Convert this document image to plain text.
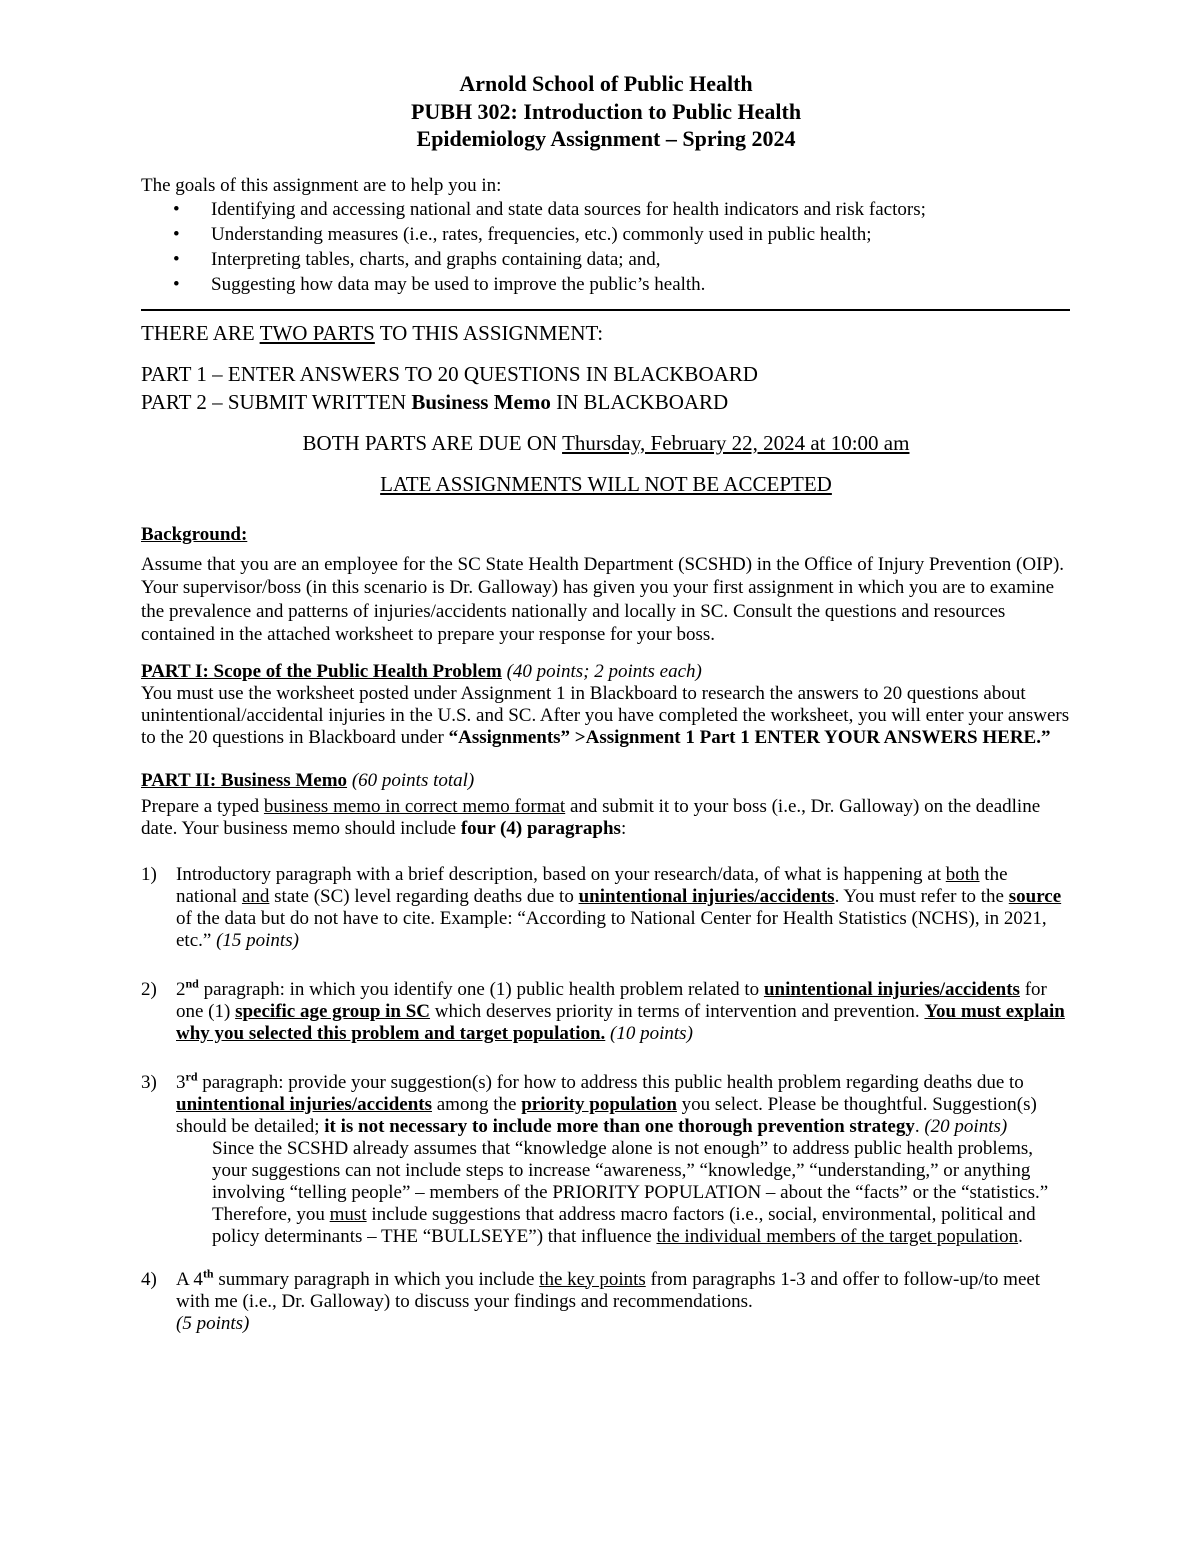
Arnold School of Public Health
PUBH 302: Introduction to Public Health
Epidemiology Assignment – Spring 2024

The goals of this assignment are to help you in:

• Identifying and accessing national and state data sources for health indicators and risk factors;
• Understanding measures (i.e., rates, frequencies, etc.) commonly used in public health;
• Interpreting tables, charts, and graphs containing data; and,
• Suggesting how data may be used to improve the public’s health.

THERE ARE TWO PARTS TO THIS ASSIGNMENT:

PART 1 – ENTER ANSWERS TO 20 QUESTIONS IN BLACKBOARD

PART 2 – SUBMIT WRITTEN Business Memo IN BLACKBOARD

BOTH PARTS ARE DUE ON Thursday, February 22, 2024 at 10:00 am

LATE ASSIGNMENTS WILL NOT BE ACCEPTED

Background:

Assume that you are an employee for the SC State Health Department (SCSHD) in the Office of Injury Prevention (OIP). Your supervisor/boss (in this scenario is Dr. Galloway) has given you your first assignment in which you are to examine the prevalence and patterns of injuries/accidents nationally and locally in SC. Consult the questions and resources contained in the attached worksheet to prepare your response for your boss.

PART I: Scope of the Public Health Problem (40 points; 2 points each)

You must use the worksheet posted under Assignment 1 in Blackboard to research the answers to 20 questions about unintentional/accidental injuries in the U.S. and SC. After you have completed the worksheet, you will enter your answers to the 20 questions in Blackboard under “Assignments” >Assignment 1 Part 1 ENTER YOUR ANSWERS HERE.”

PART II: Business Memo (60 points total)

Prepare a typed business memo in correct memo format and submit it to your boss (i.e., Dr. Galloway) on the deadline date. Your business memo should include four (4) paragraphs:

1) Introductory paragraph with a brief description, based on your research/data, of what is happening at both the national and state (SC) level regarding deaths due to unintentional injuries/accidents. You must refer to the source of the data but do not have to cite. Example: “According to National Center for Health Statistics (NCHS), in 2021, etc.” (15 points)
2) 2nd paragraph: in which you identify one (1) public health problem related to unintentional injuries/accidents for one (1) specific age group in SC which deserves priority in terms of intervention and prevention. You must explain why you selected this problem and target population. (10 points)
3) 3rd paragraph: provide your suggestion(s) for how to address this public health problem regarding deaths due to unintentional injuries/accidents among the priority population you select. Please be thoughtful. Suggestion(s) should be detailed; it is not necessary to include more than one thorough prevention strategy. (20 points)
Since the SCSHD already assumes that “knowledge alone is not enough” to address public health problems, your suggestions can not include steps to increase “awareness,” “knowledge,” “understanding,” or anything involving “telling people” – members of the PRIORITY POPULATION – about the “facts” or the “statistics.” Therefore, you must include suggestions that address macro factors (i.e., social, environmental, political and policy determinants – THE “BULLSEYE”) that influence the individual members of the target population.
4) A 4th summary paragraph in which you include the key points from paragraphs 1-3 and offer to follow-up/to meet with me (i.e., Dr. Galloway) to discuss your findings and recommendations.
(5 points)
